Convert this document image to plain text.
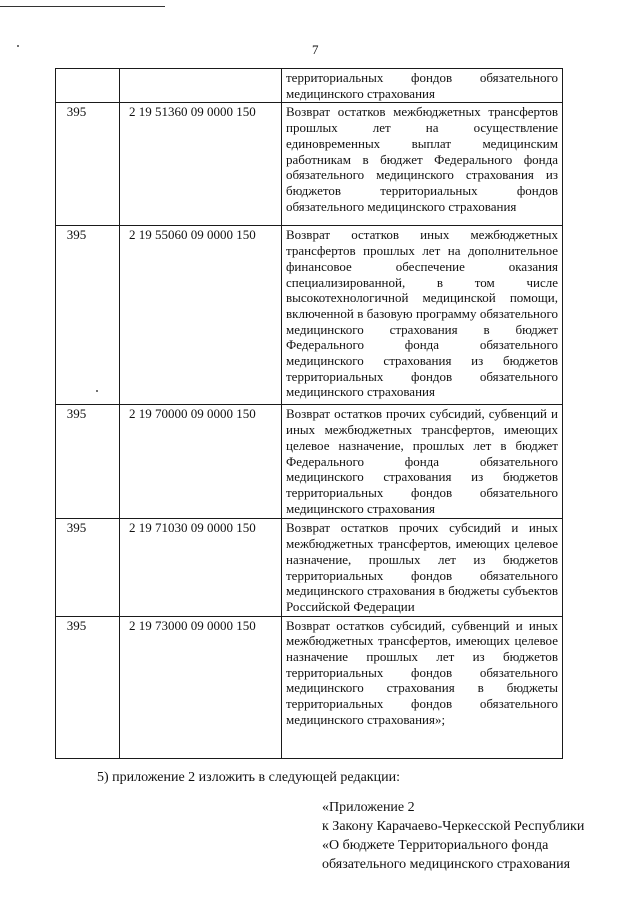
7

		территориальных фондов обязательного медицинского страхования

395	2 19 51360 09 0000 150	Возврат остатков межбюджетных трансфертов прошлых лет на осуществление единовременных выплат медицинским работникам в бюджет Федерального фонда обязательного медицинского страхования из бюджетов территориальных фондов обязательного медицинского страхования

395	2 19 55060 09 0000 150	Возврат остатков иных межбюджетных трансфертов прошлых лет на дополнительное финансовое обеспечение оказания специализированной, в том числе высокотехнологичной медицинской помощи, включенной в базовую программу обязательного медицинского страхования в бюджет Федерального фонда обязательного медицинского страхования из бюджетов территориальных фондов обязательного медицинского страхования

395	2 19 70000 09 0000 150	Возврат остатков прочих субсидий, субвенций и иных межбюджетных трансфертов, имеющих целевое назначение, прошлых лет в бюджет Федерального фонда обязательного медицинского страхования из бюджетов территориальных фондов обязательного медицинского страхования

395	2 19 71030 09 0000 150	Возврат остатков прочих субсидий и иных межбюджетных трансфертов, имеющих целевое назначение, прошлых лет из бюджетов территориальных фондов обязательного медицинского страхования в бюджеты субъектов Российской Федерации

395	2 19 73000 09 0000 150	Возврат остатков субсидий, субвенций и иных межбюджетных трансфертов, имеющих целевое назначение прошлых лет из бюджетов территориальных фондов обязательного медицинского страхования в бюджеты территориальных фондов обязательного медицинского страхования»;
5) приложение 2 изложить в следующей редакции:
«Приложение 2
к Закону Карачаево-Черкесской Республики
«О бюджете Территориального фонда
обязательного медицинского страхования
